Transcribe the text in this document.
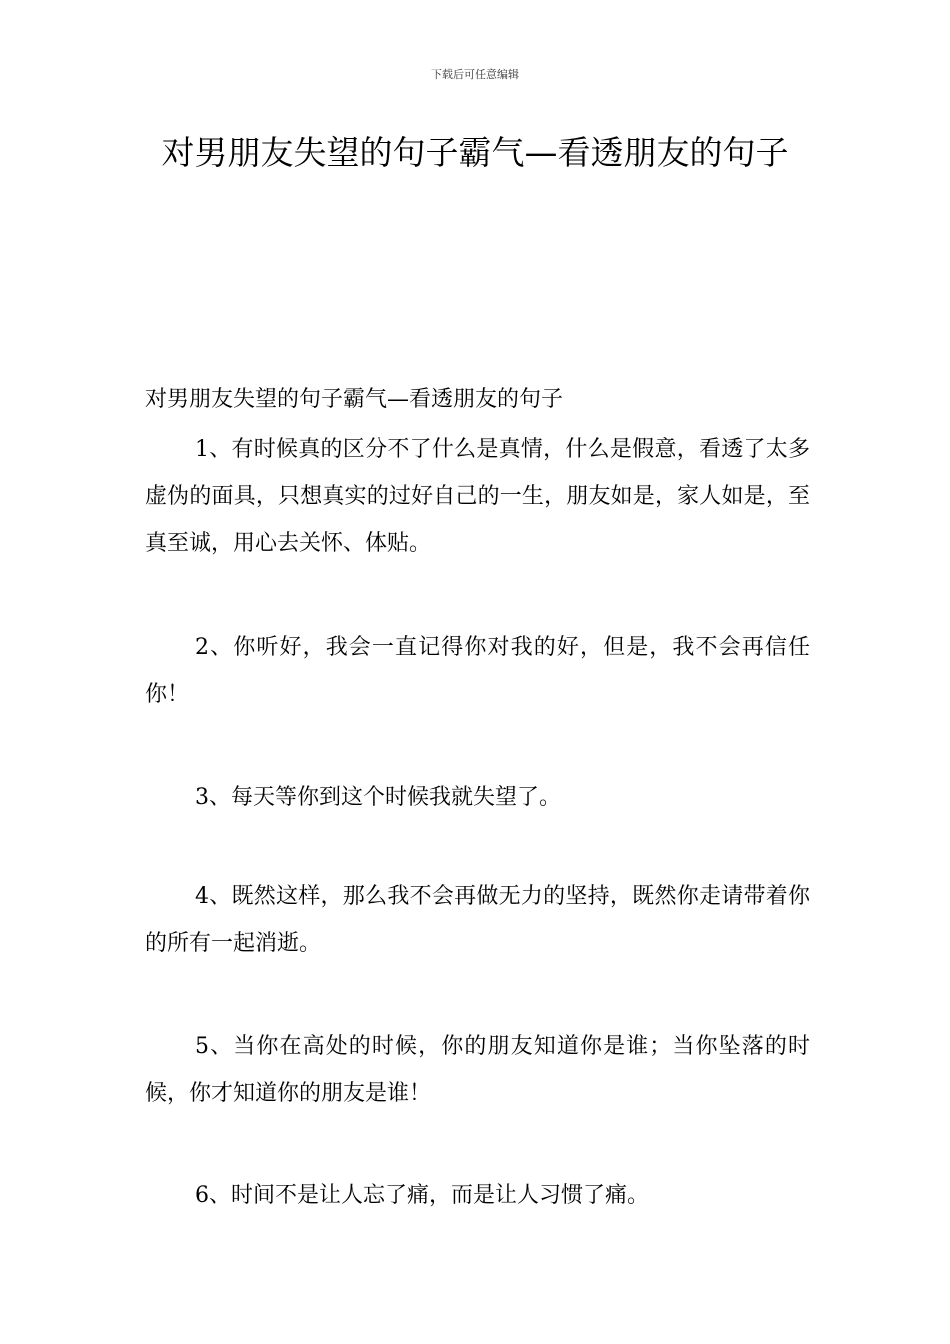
下载后可任意编辑
对男朋友失望的句子霸气—看透朋友的句子

对男朋友失望的句子霸气—看透朋友的句子

1、有时候真的区分不了什么是真情，什么是假意，看透了太多虚伪的面具，只想真实的过好自己的一生，朋友如是，家人如是，至真至诚，用心去关怀、体贴。

2、你听好，我会一直记得你对我的好，但是，我不会再信任你！

3、每天等你到这个时候我就失望了。

4、既然这样，那么我不会再做无力的坚持，既然你走请带着你的所有一起消逝。

5、当你在高处的时候，你的朋友知道你是谁；当你坠落的时候，你才知道你的朋友是谁！

6、时间不是让人忘了痛，而是让人习惯了痛。
